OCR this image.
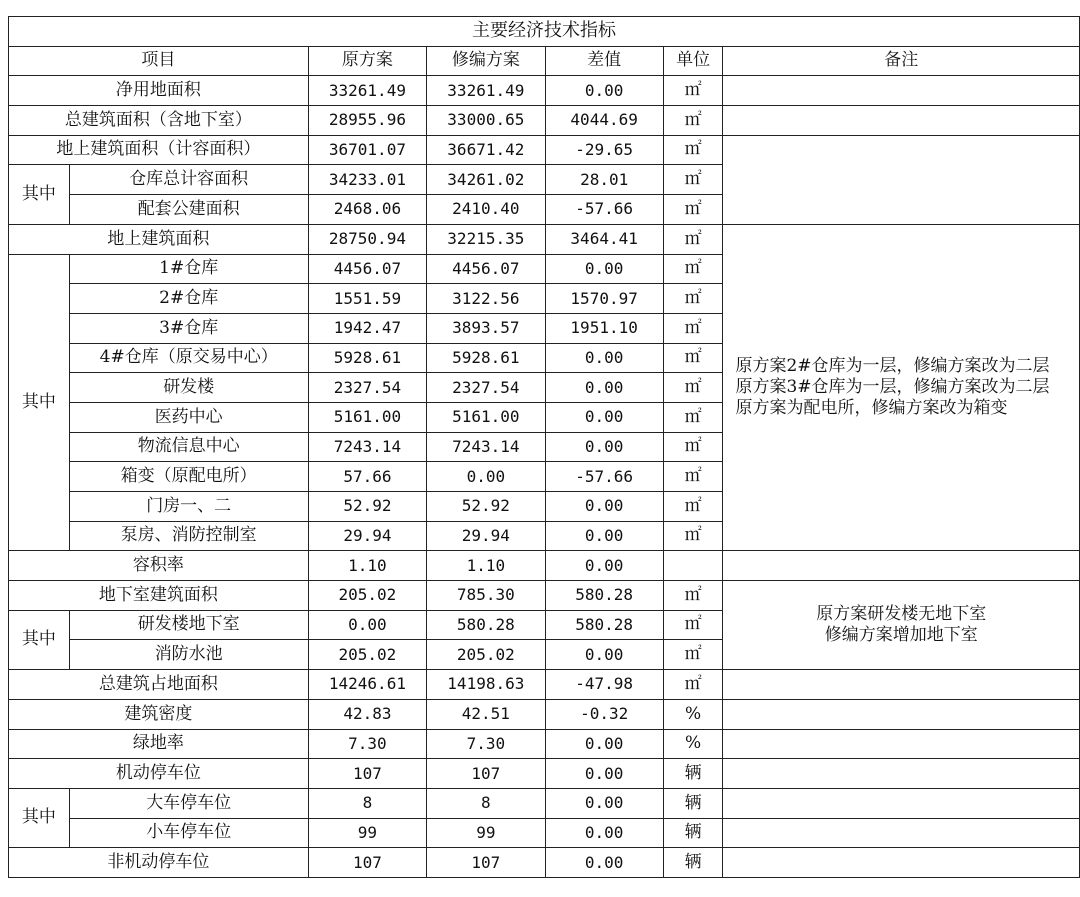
主要经济技术指标						
项目		原方案	修编方案	差值	单位	备注
净用地面积		33261.49	33261.49	0.00	㎡	
总建筑面积（含地下室）		28955.96	33000.65	4044.69	㎡	
地上建筑面积（计容面积）		36701.07	36671.42	-29.65	㎡	
其中	仓库总计容面积	34233.01	34261.02	28.01	㎡	
	配套公建面积	2468.06	2410.40	-57.66	㎡	
地上建筑面积		28750.94	32215.35	3464.41	㎡	原方案2#仓库为一层，修编方案改为二层
原方案3#仓库为一层，修编方案改为二层
原方案为配电所，修编方案改为箱变

其中	1#仓库	4456.07	4456.07	0.00	㎡	
	2#仓库	1551.59	3122.56	1570.97	㎡	
	3#仓库	1942.47	3893.57	1951.10	㎡	
	4#仓库（原交易中心）	5928.61	5928.61	0.00	㎡	
	研发楼	2327.54	2327.54	0.00	㎡	
	医药中心	5161.00	5161.00	0.00	㎡	
	物流信息中心	7243.14	7243.14	0.00	㎡	
	箱变（原配电所）	57.66	0.00	-57.66	㎡	
	门房一、二	52.92	52.92	0.00	㎡	
	泵房、消防控制室	29.94	29.94	0.00	㎡	
容积率		1.10	1.10	0.00		
地下室建筑面积		205.02	785.30	580.28	㎡	原方案研发楼无地下室
修编方案增加地下室

其中	研发楼地下室	0.00	580.28	580.28	㎡	
	消防水池	205.02	205.02	0.00	㎡	
总建筑占地面积		14246.61	14198.63	-47.98	㎡	
建筑密度		42.83	42.51	-0.32	%	
绿地率		7.30	7.30	0.00	%	
机动停车位		107	107	0.00	辆	
其中	大车停车位	8	8	0.00	辆	
	小车停车位	99	99	0.00	辆	
非机动停车位		107	107	0.00	辆	
